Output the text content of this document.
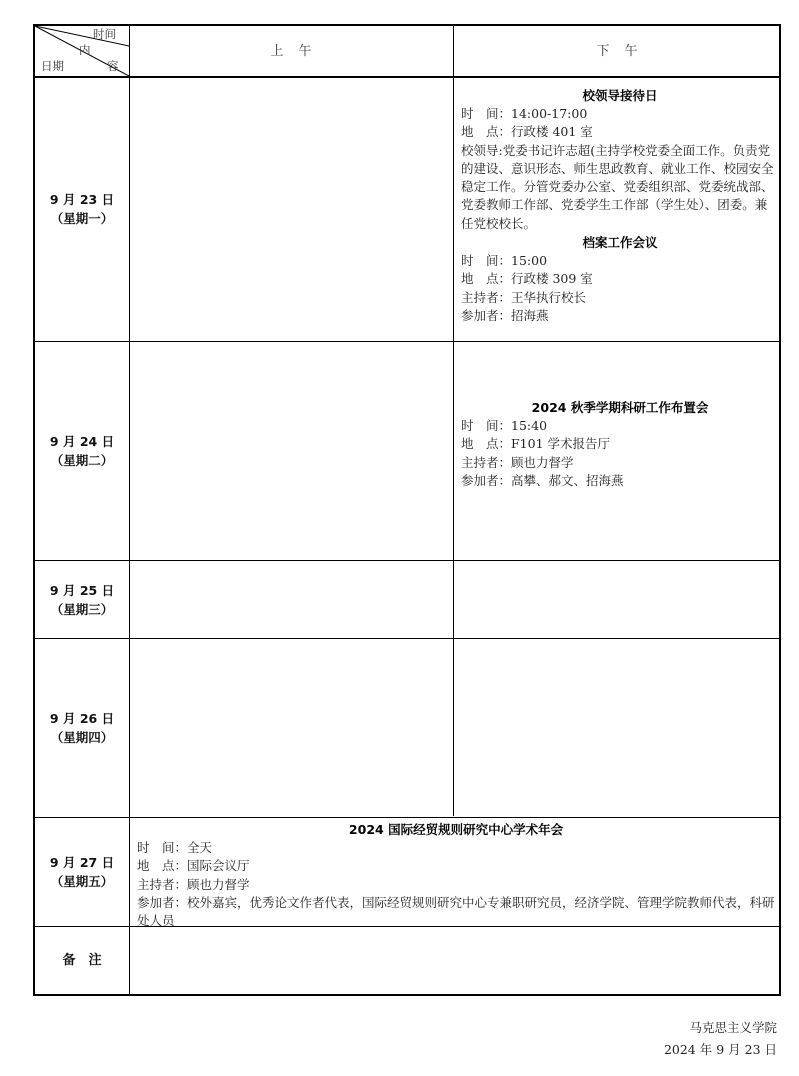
时间
内
容
日期
上　午	下　午
9 月 23 日
（星期一）
校领导接待日
时　间：14:00-17:00
地　点：行政楼 401 室
校领导:党委书记许志超(主持学校党委全面工作。负责党的建设、意识形态、师生思政教育、就业工作、校园安全稳定工作。分管党委办公室、党委组织部、党委统战部、党委教师工作部、党委学生工作部（学生处）、团委。兼任党校校长。
档案工作会议
时　间：15:00
地　点：行政楼 309 室
主持者：王华执行校长
参加者：招海燕
9 月 24 日
（星期二）
2024 秋季学期科研工作布置会
时　间：15:40
地　点：F101 学术报告厅
主持者：顾也力督学
参加者：高攀、郝文、招海燕
9 月 25 日
（星期三）
9 月 26 日
（星期四）
9 月 27 日
（星期五）
2024 国际经贸规则研究中心学术年会
时　间：全天
地　点：国际会议厅
主持者：顾也力督学
参加者：校外嘉宾，优秀论文作者代表，国际经贸规则研究中心专兼职研究员，经济学院、管理学院教师代表，科研处人员
备　注
马克思主义学院
2024 年 9 月 23 日
